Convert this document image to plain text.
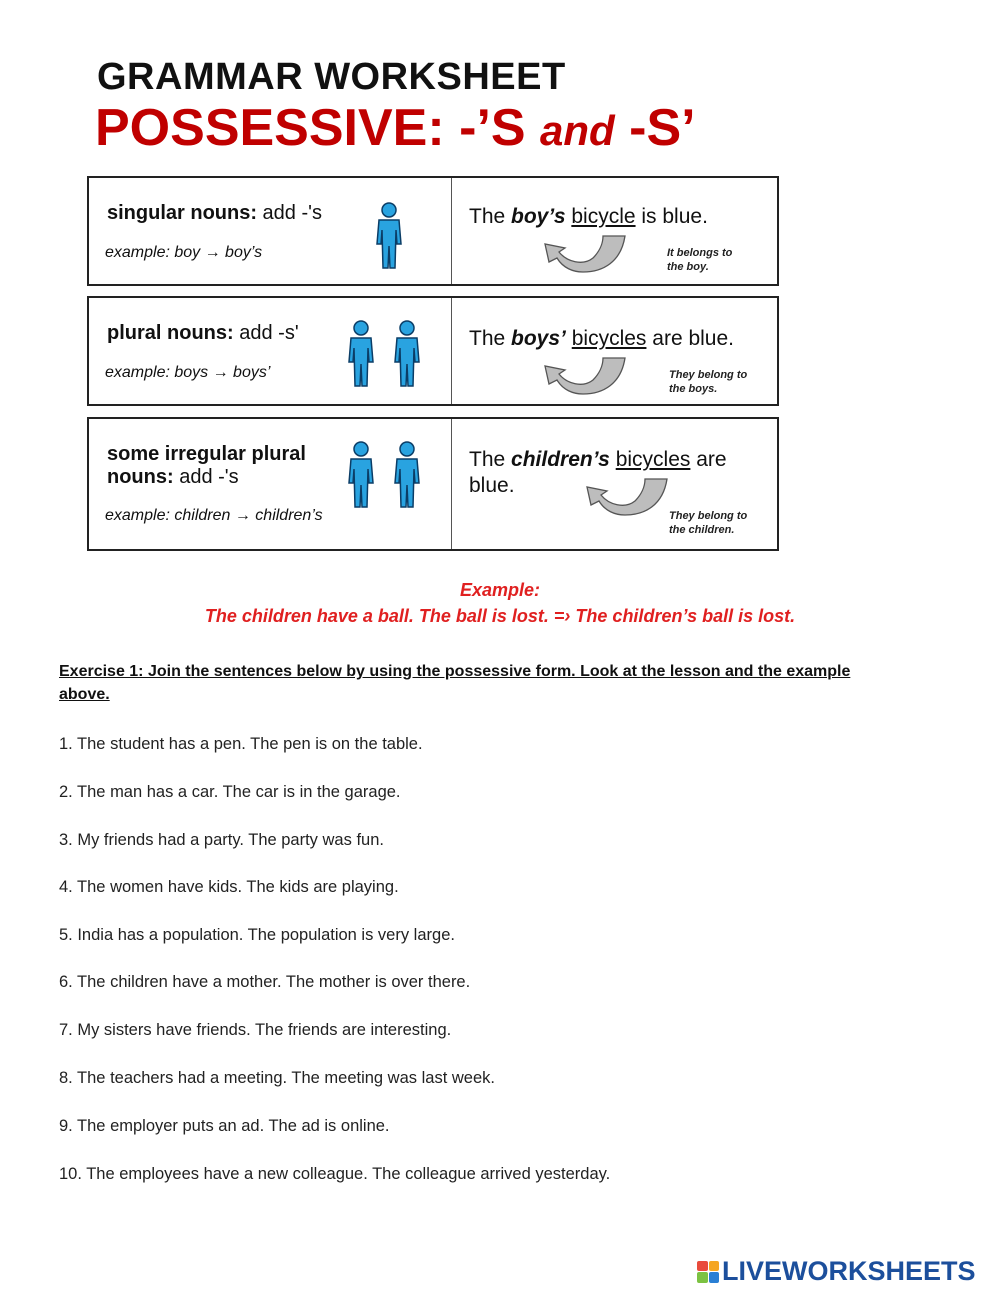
GRAMMAR WORKSHEET
POSSESSIVE: -’S and -S’
singular nouns: add -'s
example: boy → boy’s
The boy’s bicycle is blue.
It belongs to
the boy.
plural nouns: add -s'
example: boys → boys’
The boys’ bicycles are blue.
They belong to
the boys.
some irregular plural
nouns: add -'s
example: children → children’s
The children’s bicycles are
blue.
They belong to
the children.
Example:
The children have a ball. The ball is lost. =› The children’s ball is lost.
Exercise 1: Join the sentences below by using the possessive form. Look at the lesson and the example above.
1. The student has a pen. The pen is on the table.
2. The man has a car. The car is in the garage.
3. My friends had a party. The party was fun.
4. The women have kids. The kids are playing.
5. India has a population. The population is very large.
6. The children have a mother. The mother is over there.
7. My sisters have friends. The friends are interesting.
8. The teachers had a meeting. The meeting was last week.
9. The employer puts an ad. The ad is online.
10. The employees have a new colleague. The colleague arrived yesterday.
LIVEWORKSHEETS
